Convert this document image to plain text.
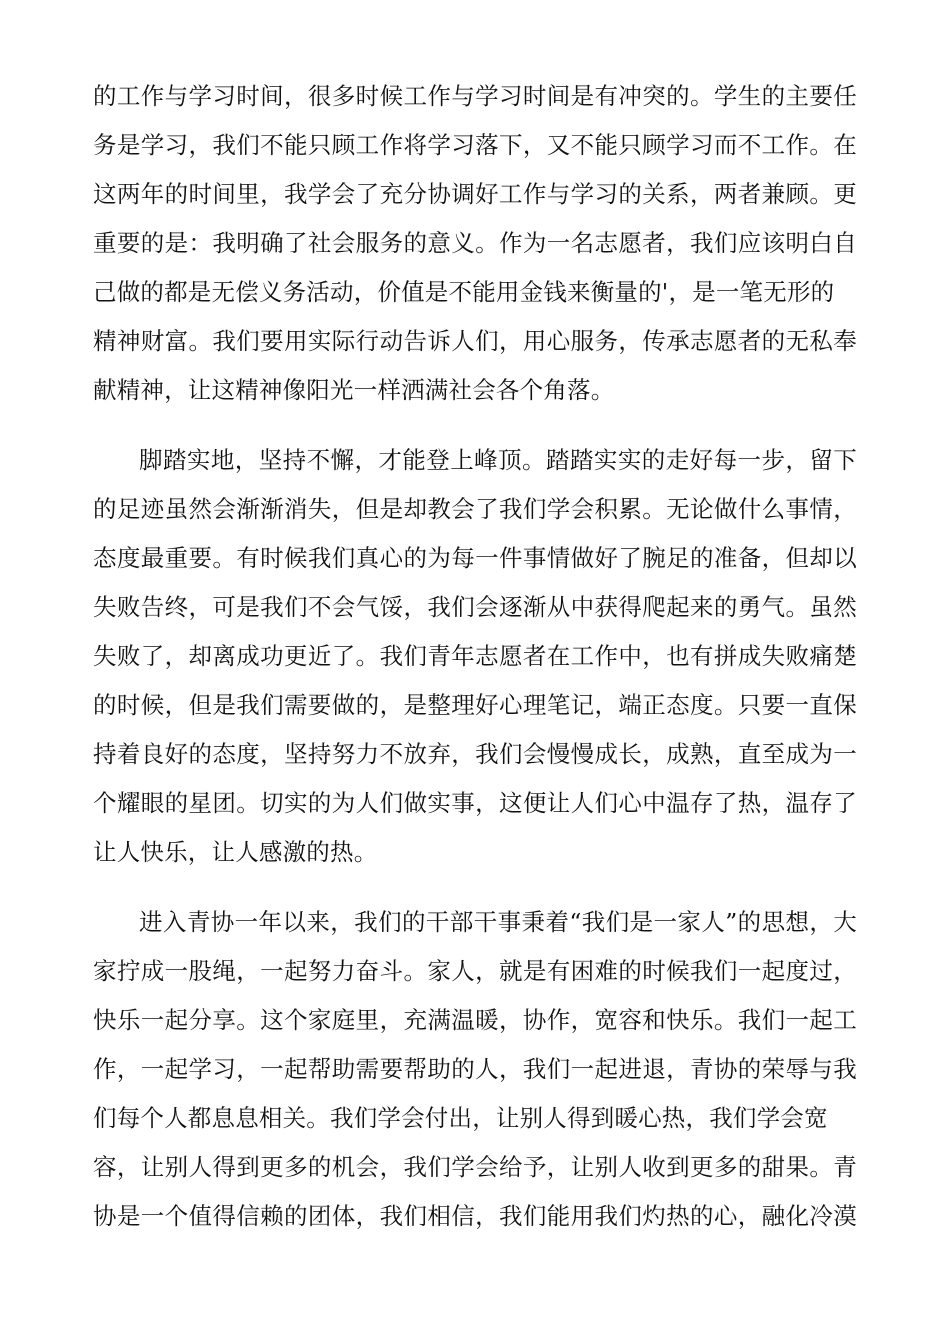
的工作与学习时间，很多时候工作与学习时间是有冲突的。学生的主要任
务是学习，我们不能只顾工作将学习落下，又不能只顾学习而不工作。在
这两年的时间里，我学会了充分协调好工作与学习的关系，两者兼顾。更
重要的是：我明确了社会服务的意义。作为一名志愿者，我们应该明白自
己做的都是无偿义务活动，价值是不能用金钱来衡量的'，是一笔无形的
精神财富。我们要用实际行动告诉人们，用心服务，传承志愿者的无私奉
献精神，让这精神像阳光一样洒满社会各个角落。
脚踏实地，坚持不懈，才能登上峰顶。踏踏实实的走好每一步，留下
的足迹虽然会渐渐消失，但是却教会了我们学会积累。无论做什么事情，
态度最重要。有时候我们真心的为每一件事情做好了腕足的准备，但却以
失败告终，可是我们不会气馁，我们会逐渐从中获得爬起来的勇气。虽然
失败了，却离成功更近了。我们青年志愿者在工作中，也有拼成失败痛楚
的时候，但是我们需要做的，是整理好心理笔记，端正态度。只要一直保
持着良好的态度，坚持努力不放弃，我们会慢慢成长，成熟，直至成为一
个耀眼的星团。切实的为人们做实事，这便让人们心中温存了热，温存了
让人快乐，让人感激的热。
进入青协一年以来，我们的干部干事秉着“我们是一家人”的思想，大
家拧成一股绳，一起努力奋斗。家人，就是有困难的时候我们一起度过，
快乐一起分享。这个家庭里，充满温暖，协作，宽容和快乐。我们一起工
作，一起学习，一起帮助需要帮助的人，我们一起进退，青协的荣辱与我
们每个人都息息相关。我们学会付出，让别人得到暖心热，我们学会宽
容，让别人得到更多的机会，我们学会给予，让别人收到更多的甜果。青
协是一个值得信赖的团体，我们相信，我们能用我们灼热的心，融化冷漠
